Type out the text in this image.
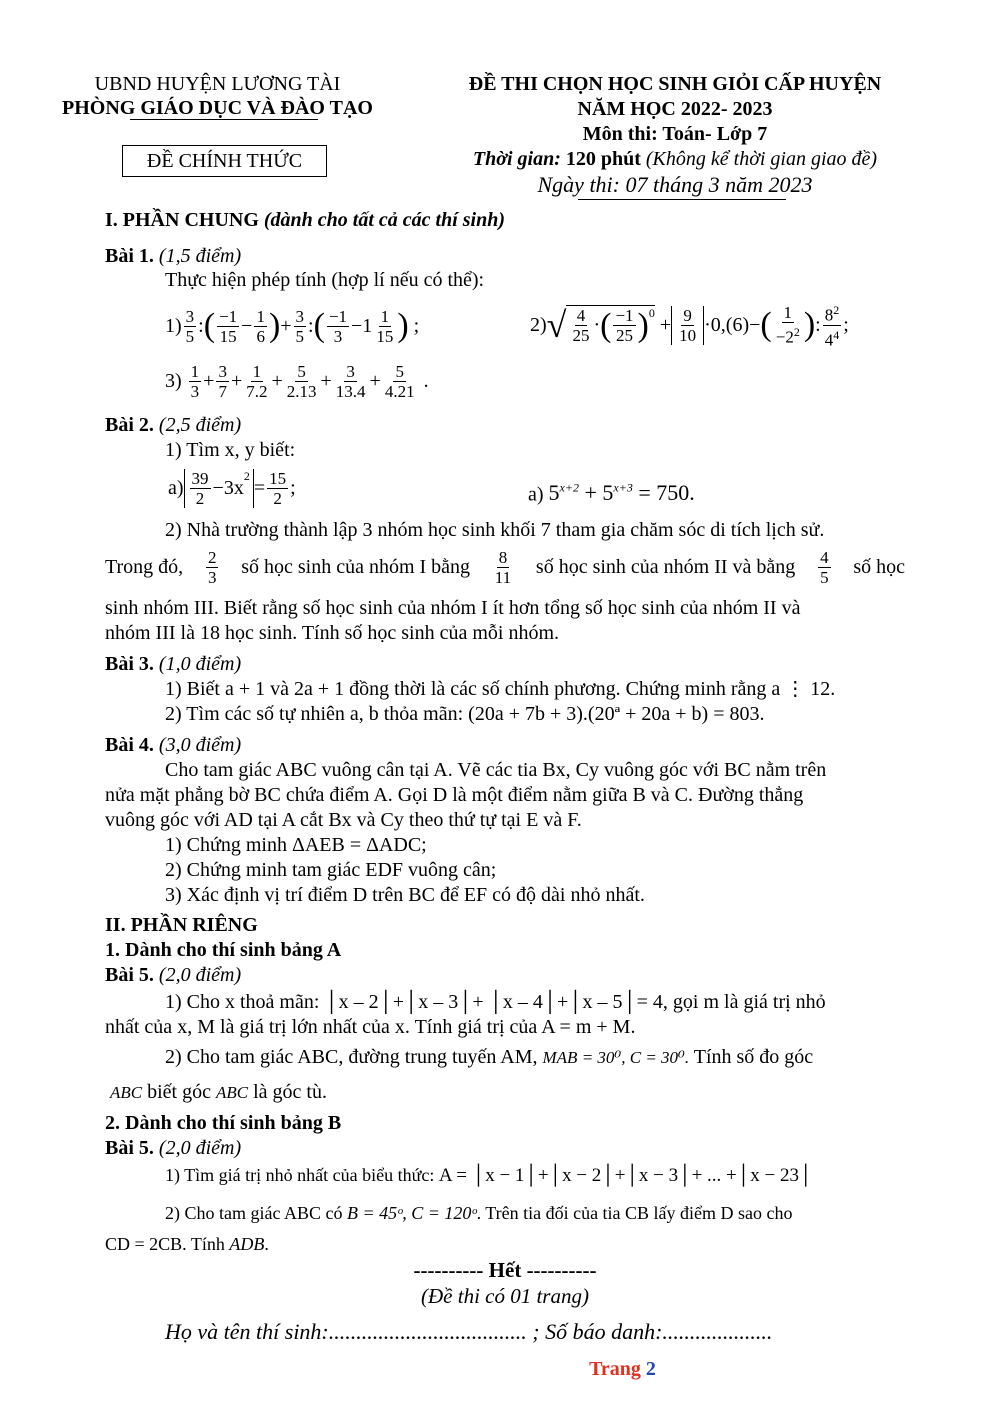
UBND HUYỆN LƯƠNG TÀI
PHÒNG GIÁO DỤC VÀ ĐÀO TẠO
ĐỀ CHÍNH THỨC
ĐỀ THI CHỌN HỌC SINH GIỎI CẤP HUYỆN
NĂM HỌC 2022- 2023
Môn thi: Toán- Lớp 7
Thời gian: 120 phút (Không kể thời gian giao đề)
Ngày thi: 07 tháng 3 năm 2023
I. PHẦN CHUNG (dành cho tất cả các thí sinh)
Bài 1. (1,5 điểm)
Thực hiện phép tính (hợp lí nếu có thể):
$1) \frac{3}{5}$ : ( $\frac{-1}{15} - \frac{1}{6}$ ) + $\frac{3}{5}$ : ( $\frac{-1}{3} -1 \frac{1}{15}$ ) ;	2) √ $\frac{4}{25}$ · ( $\frac{-1}{25} )^0$
+ $\frac{9}{10} \cdot 0,(6)-$ ( $\frac{1}{-2^2}$ ) : $\frac{8^2}{4^4}$ ;
3)
$\frac{1}{3} + \frac{3}{7} + \frac{1}{7.2} + \frac{5}{2.13} + \frac{3}{13.4} + \frac{5}{4.21}$ .
Bài 2. (2,5 điểm)
1) Tìm x, y biết:
$a) \frac{39}{2} -3x$
$^2$
= $\frac{15}{2}$ ;	a) $5^{x+2} + 5^{x+3} = 750$.
2) Nhà trường thành lập 3 nhóm học sinh khối 7 tham gia chăm sóc di tích lịch sử.
Trong đó, $\frac{2}{3}$ số học sinh của nhóm I bằng $\frac{8}{11}$ số học sinh của nhóm II và bằng $\frac{4}{5}$ số học
sinh nhóm III. Biết rằng số học sinh của nhóm I ít hơn tổng số học sinh của nhóm II và
nhóm III là 18 học sinh. Tính số học sinh của mỗi nhóm.
Bài 3. (1,0 điểm)
1) Biết a + 1 và 2a + 1 đồng thời là các số chính phương. Chứng minh rằng a ⋮ 12.
2) Tìm các số tự nhiên a, b thỏa mãn: (20a + 7b + 3).(20ª + 20a + b) = 803.
Bài 4. (3,0 điểm)
Cho tam giác ABC vuông cân tại A. Vẽ các tia Bx, Cy vuông góc với BC nằm trên
nửa mặt phẳng bờ BC chứa điểm A. Gọi D là một điểm nằm giữa B và C. Đường thẳng
vuông góc với AD tại A cắt Bx và Cy theo thứ tự tại E và F.
1) Chứng minh ΔAEB = ΔADC;
2) Chứng minh tam giác EDF vuông cân;
3) Xác định vị trí điểm D trên BC để EF có độ dài nhỏ nhất.
II. PHẦN RIÊNG
1. Dành cho thí sinh bảng A
Bài 5. (2,0 điểm)
1) Cho x thoả mãn: │x – 2│+│x – 3│+ │x – 4│+│x – 5│= 4, gọi m là giá trị nhỏ
nhất của x, M là giá trị lớn nhất của x. Tính giá trị của A = m + M.
2) Cho tam giác ABC, đường trung tuyến AM, MAB = 30⁰, C = 30⁰. Tính số đo góc
ABC biết góc ABC là góc tù.
2. Dành cho thí sinh bảng B
Bài 5. (2,0 điểm)
1) Tìm giá trị nhỏ nhất của biểu thức: A = │x − 1│+│x − 2│+│x − 3│+ ... +│x − 23│
2) Cho tam giác ABC có B = 45ᵒ, C = 120ᵒ. Trên tia đối của tia CB lấy điểm D sao cho
CD = 2CB. Tính ADB.
---------- Hết ----------
(Đề thi có 01 trang)
Họ và tên thí sinh:.................................... ; Số báo danh:....................
Trang 2
